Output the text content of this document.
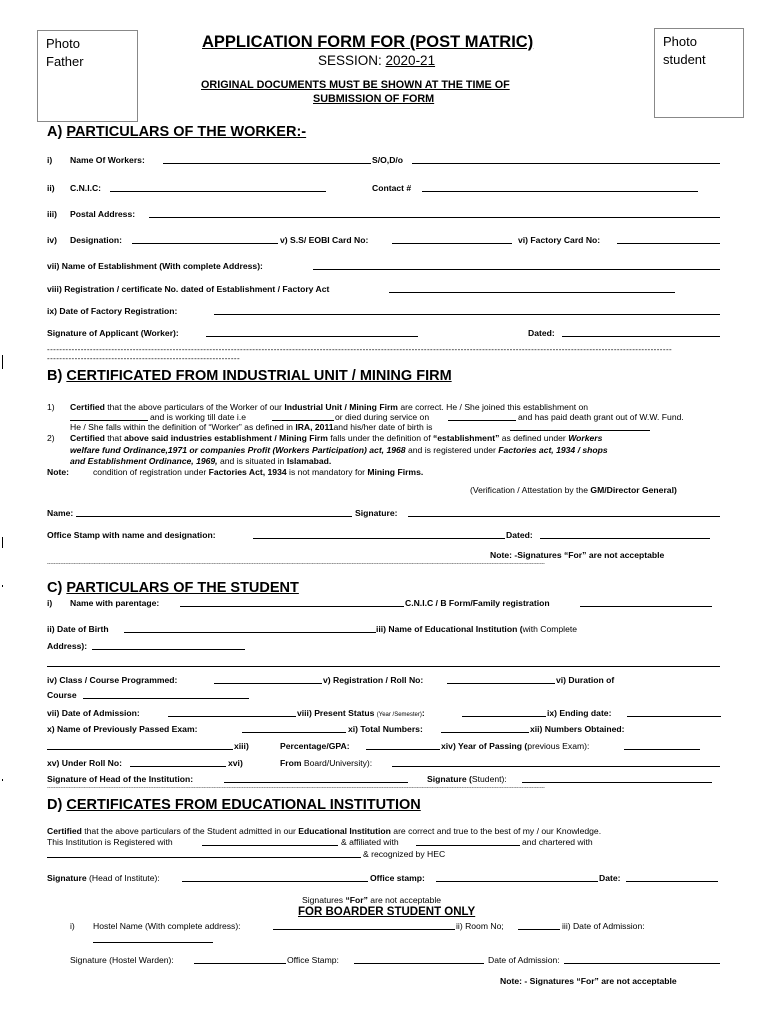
Photo
Father
Photo
student
APPLICATION FORM FOR (POST MATRIC)
SESSION: 2020-21
ORIGINAL DOCUMENTS MUST BE SHOWN AT THE TIME OF
SUBMISSION OF FORM
A) PARTICULARS OF THE WORKER:-
i) Name Of Workers:	S/O,D/o
ii) C.N.I.C:	Contact #
iii) Postal Address:
iv) Designation:	v) S.S/ EOBI Card No:	vi) Factory Card No:
vii) Name of Establishment (With complete Address):
viii) Registration / certificate No. dated of Establishment / Factory Act
ix) Date of Factory Registration:
Signature of Applicant (Worker):	Dated:
------------------------------------------------------------------------------------------------------------------------------------------------------------------------------------------------------------
---------------------------------------------------------------
B) CERTIFICATED FROM INDUSTRIAL UNIT / MINING FIRM
1) Certified that the above particulars of the Worker of our Industrial Unit / Mining Firm are correct. He / She joined this establishment on
and is working till date i.e	or died during service on	and has paid death grant out of W.W. Fund.
He / She falls within the definition of “Worker” as defined in IRA, 2011and his/her date of birth is
2) Certified that above said industries establishment / Mining Firm falls under the definition of “establishment” as defined under Workers
welfare fund Ordinance,1971 or companies Profit (Workers Participation) act, 1968 and is registered under Factories act, 1934 / shops
and Establishment Ordinance, 1969, and is situated in Islamabad.
Note:	condition of registration under Factories Act, 1934 is not mandatory for Mining Firms.
(Verification / Attestation by the GM/Director General)
Name:	Signature:
Office Stamp with name and designation:	Dated:
Note: -Signatures “For” are not acceptable
-----------------------------------------------------------------------------------------------------------------------------------------------------------------------------------------------------------------------------------------------------------------------------------------------------------
C) PARTICULARS OF THE STUDENT
i) Name with parentage:	C.N.I.C / B Form/Family registration
ii) Date of Birth	iii) Name of Educational Institution (with Complete
Address):
iv) Class / Course Programmed:	v) Registration / Roll No:	vi) Duration of
Course
vii) Date of Admission:	viii) Present Status (Year /Semester):	ix) Ending date:
x) Name of Previously Passed Exam:	xi) Total Numbers:	xii) Numbers Obtained:
xiii)	Percentage/GPA:	xiv) Year of Passing (previous Exam):
xv) Under Roll No:	xvi)	From Board/University):
Signature of Head of the Institution:	Signature (Student):
-----------------------------------------------------------------------------------------------------------------------------------------------------------------------------------------------------------------------------------------------------------------------------------------------------------
D) CERTIFICATES FROM EDUCATIONAL INSTITUTION
Certified that the above particulars of the Student admitted in our Educational Institution are correct and true to the best of my / our Knowledge.
This Institution is Registered with	& affiliated with	and chartered with
& recognized by HEC
Signature (Head of Institute):	Office stamp:	Date:
Signatures “For” are not acceptable
FOR BOARDER STUDENT ONLY
i) Hostel Name (With complete address):	ii) Room No;	iii) Date of Admission:
Signature (Hostel Warden):	Office Stamp:	Date of Admission:
Note: - Signatures “For” are not acceptable
